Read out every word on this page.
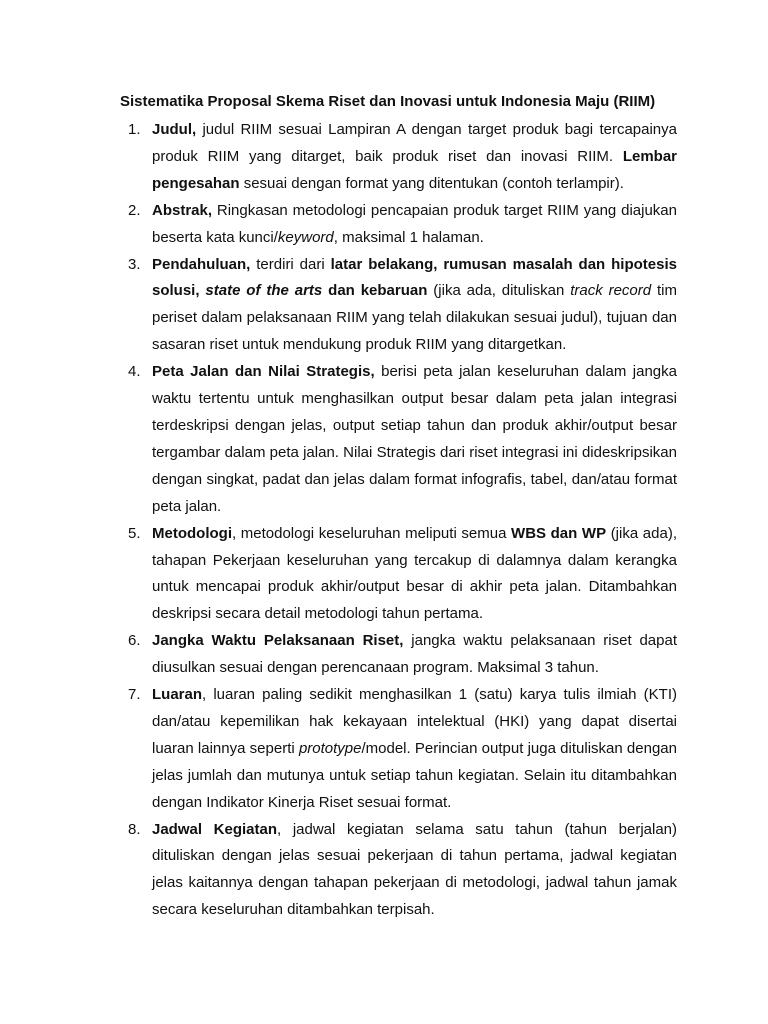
Sistematika Proposal Skema Riset dan Inovasi untuk Indonesia Maju (RIIM)

1. Judul, judul RIIM sesuai Lampiran A dengan target produk bagi tercapainya produk RIIM yang ditarget, baik produk riset dan inovasi RIIM. Lembar pengesahan sesuai dengan format yang ditentukan (contoh terlampir).
2. Abstrak, Ringkasan metodologi pencapaian produk target RIIM yang diajukan beserta kata kunci/keyword, maksimal 1 halaman.
3. Pendahuluan, terdiri dari latar belakang, rumusan masalah dan hipotesis solusi, state of the arts dan kebaruan (jika ada, dituliskan track record tim periset dalam pelaksanaan RIIM yang telah dilakukan sesuai judul), tujuan dan sasaran riset untuk mendukung produk RIIM yang ditargetkan.
4. Peta Jalan dan Nilai Strategis, berisi peta jalan keseluruhan dalam jangka waktu tertentu untuk menghasilkan output besar dalam peta jalan integrasi terdeskripsi dengan jelas, output setiap tahun dan produk akhir/output besar tergambar dalam peta jalan. Nilai Strategis dari riset integrasi ini dideskripsikan dengan singkat, padat dan jelas dalam format infografis, tabel, dan/atau format peta jalan.
5. Metodologi, metodologi keseluruhan meliputi semua WBS dan WP (jika ada), tahapan Pekerjaan keseluruhan yang tercakup di dalamnya dalam kerangka untuk mencapai produk akhir/output besar di akhir peta jalan. Ditambahkan deskripsi secara detail metodologi tahun pertama.
6. Jangka Waktu Pelaksanaan Riset, jangka waktu pelaksanaan riset dapat diusulkan sesuai dengan perencanaan program. Maksimal 3 tahun.
7. Luaran, luaran paling sedikit menghasilkan 1 (satu) karya tulis ilmiah (KTI) dan/atau kepemilikan hak kekayaan intelektual (HKI) yang dapat disertai luaran lainnya seperti prototype/model. Perincian output juga dituliskan dengan jelas jumlah dan mutunya untuk setiap tahun kegiatan. Selain itu ditambahkan dengan Indikator Kinerja Riset sesuai format.
8. Jadwal Kegiatan, jadwal kegiatan selama satu tahun (tahun berjalan) dituliskan dengan jelas sesuai pekerjaan di tahun pertama, jadwal kegiatan jelas kaitannya dengan tahapan pekerjaan di metodologi, jadwal tahun jamak secara keseluruhan ditambahkan terpisah.
